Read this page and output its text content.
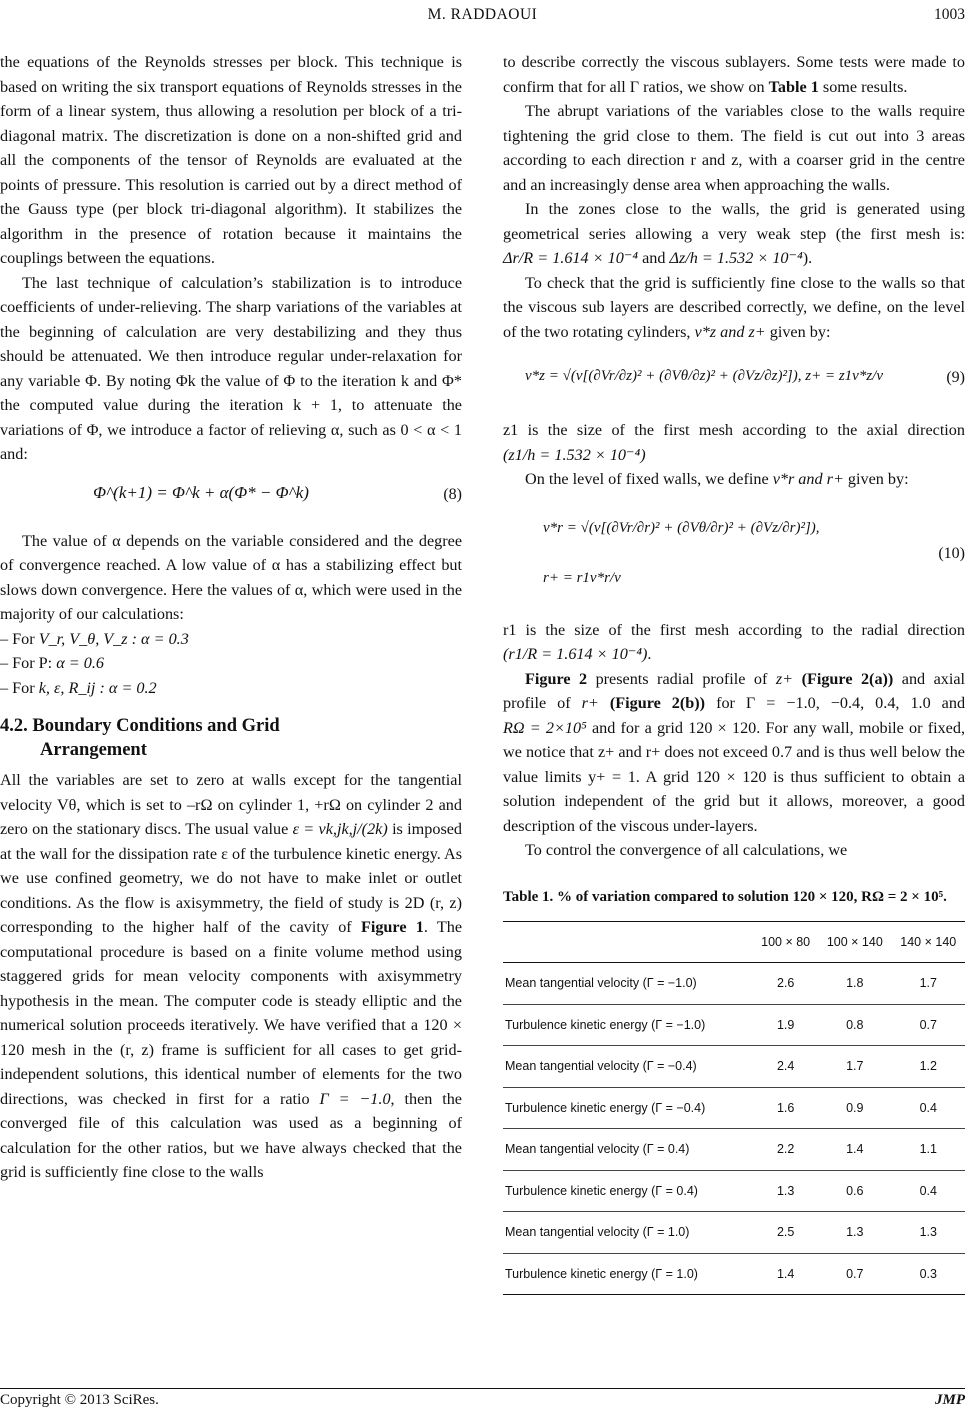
M. RADDAOUI	1003

the equations of the Reynolds stresses per block. This technique is based on writing the six transport equations of Reynolds stresses in the form of a linear system, thus allowing a resolution per block of a tri-diagonal matrix. The discretization is done on a non-shifted grid and all the components of the tensor of Reynolds are evaluated at the points of pressure. This resolution is carried out by a direct method of the Gauss type (per block tri-diagonal algorithm). It stabilizes the algorithm in the presence of rotation because it maintains the couplings between the equations.

The last technique of calculation’s stabilization is to introduce coefficients of under-relieving. The sharp variations of the variables at the beginning of calculation are very destabilizing and they thus should be attenuated. We then introduce regular under-relaxation for any variable Φ. By noting Φk the value of Φ to the iteration k and Φ* the computed value during the iteration k + 1, to attenuate the variations of Φ, we introduce a factor of relieving α, such as 0 < α < 1 and:

Φ^(k+1) = Φ^k + α(Φ* − Φ^k)	(8)

The value of α depends on the variable considered and the degree of convergence reached. A low value of α has a stabilizing effect but slows down convergence. Here the values of α, which were used in the majority of our calculations:

– For V_r, V_θ, V_z : α = 0.3

– For P: α = 0.6

– For k, ε, R_ij : α = 0.2

4.2. Boundary Conditions and Grid
Arrangement

All the variables are set to zero at walls except for the tangential velocity Vθ, which is set to –rΩ on cylinder 1, +rΩ on cylinder 2 and zero on the stationary discs. The usual value ε = νk,jk,j/(2k) is imposed at the wall for the dissipation rate ε of the turbulence kinetic energy. As we use confined geometry, we do not have to make inlet or outlet conditions. As the flow is axisymmetry, the field of study is 2D (r, z) corresponding to the higher half of the cavity of Figure 1. The computational procedure is based on a finite volume method using staggered grids for mean velocity components with axisymmetry hypothesis in the mean. The computer code is steady elliptic and the numerical solution proceeds iteratively. We have verified that a 120 × 120 mesh in the (r, z) frame is sufficient for all cases to get grid-independent solutions, this identical number of elements for the two directions, was checked in first for a ratio Γ = −1.0, then the converged file of this calculation was used as a beginning of calculation for the other ratios, but we have always checked that the grid is sufficiently fine close to the walls

to describe correctly the viscous sublayers. Some tests were made to confirm that for all Γ ratios, we show on Table 1 some results.

The abrupt variations of the variables close to the walls require tightening the grid close to them. The field is cut out into 3 areas according to each direction r and z, with a coarser grid in the centre and an increasingly dense area when approaching the walls.

In the zones close to the walls, the grid is generated using geometrical series allowing a very weak step (the first mesh is: Δr/R = 1.614 × 10⁻⁴ and Δz/h = 1.532 × 10⁻⁴).

To check that the grid is sufficiently fine close to the walls so that the viscous sub layers are described correctly, we define, on the level of the two rotating cylinders, v*z and z+ given by:

v*z = √(ν[(∂Vr/∂z)² + (∂Vθ/∂z)² + (∂Vz/∂z)²]), z+ = z1v*z/ν	(9)

z1 is the size of the first mesh according to the axial direction (z1/h = 1.532 × 10⁻⁴)

On the level of fixed walls, we define v*r and r+ given by:

v*r = √(ν[(∂Vr/∂r)² + (∂Vθ/∂r)² + (∂Vz/∂r)²]),
r+ = r1v*r/ν
(10)

r1 is the size of the first mesh according to the radial direction (r1/R = 1.614 × 10⁻⁴).

Figure 2 presents radial profile of z+ (Figure 2(a)) and axial profile of r+ (Figure 2(b)) for Γ = −1.0, −0.4, 0.4, 1.0 and RΩ = 2×10⁵ and for a grid 120 × 120. For any wall, mobile or fixed, we notice that z+ and r+ does not exceed 0.7 and is thus well below the value limits y+ = 1. A grid 120 × 120 is thus sufficient to obtain a solution independent of the grid but it allows, moreover, a good description of the viscous under-layers.

To control the convergence of all calculations, we

Table 1. % of variation compared to solution 120 × 120, RΩ = 2 × 10⁵.
	100 × 80	100 × 140	140 × 140
Mean tangential velocity (Γ = −1.0)	2.6	1.8	1.7
Turbulence kinetic energy (Γ = −1.0)	1.9	0.8	0.7
Mean tangential velocity (Γ = −0.4)	2.4	1.7	1.2
Turbulence kinetic energy (Γ = −0.4)	1.6	0.9	0.4
Mean tangential velocity (Γ = 0.4)	2.2	1.4	1.1
Turbulence kinetic energy (Γ = 0.4)	1.3	0.6	0.4
Mean tangential velocity (Γ = 1.0)	2.5	1.3	1.3
Turbulence kinetic energy (Γ = 1.0)	1.4	0.7	0.3
Copyright © 2013 SciRes.	JMP
